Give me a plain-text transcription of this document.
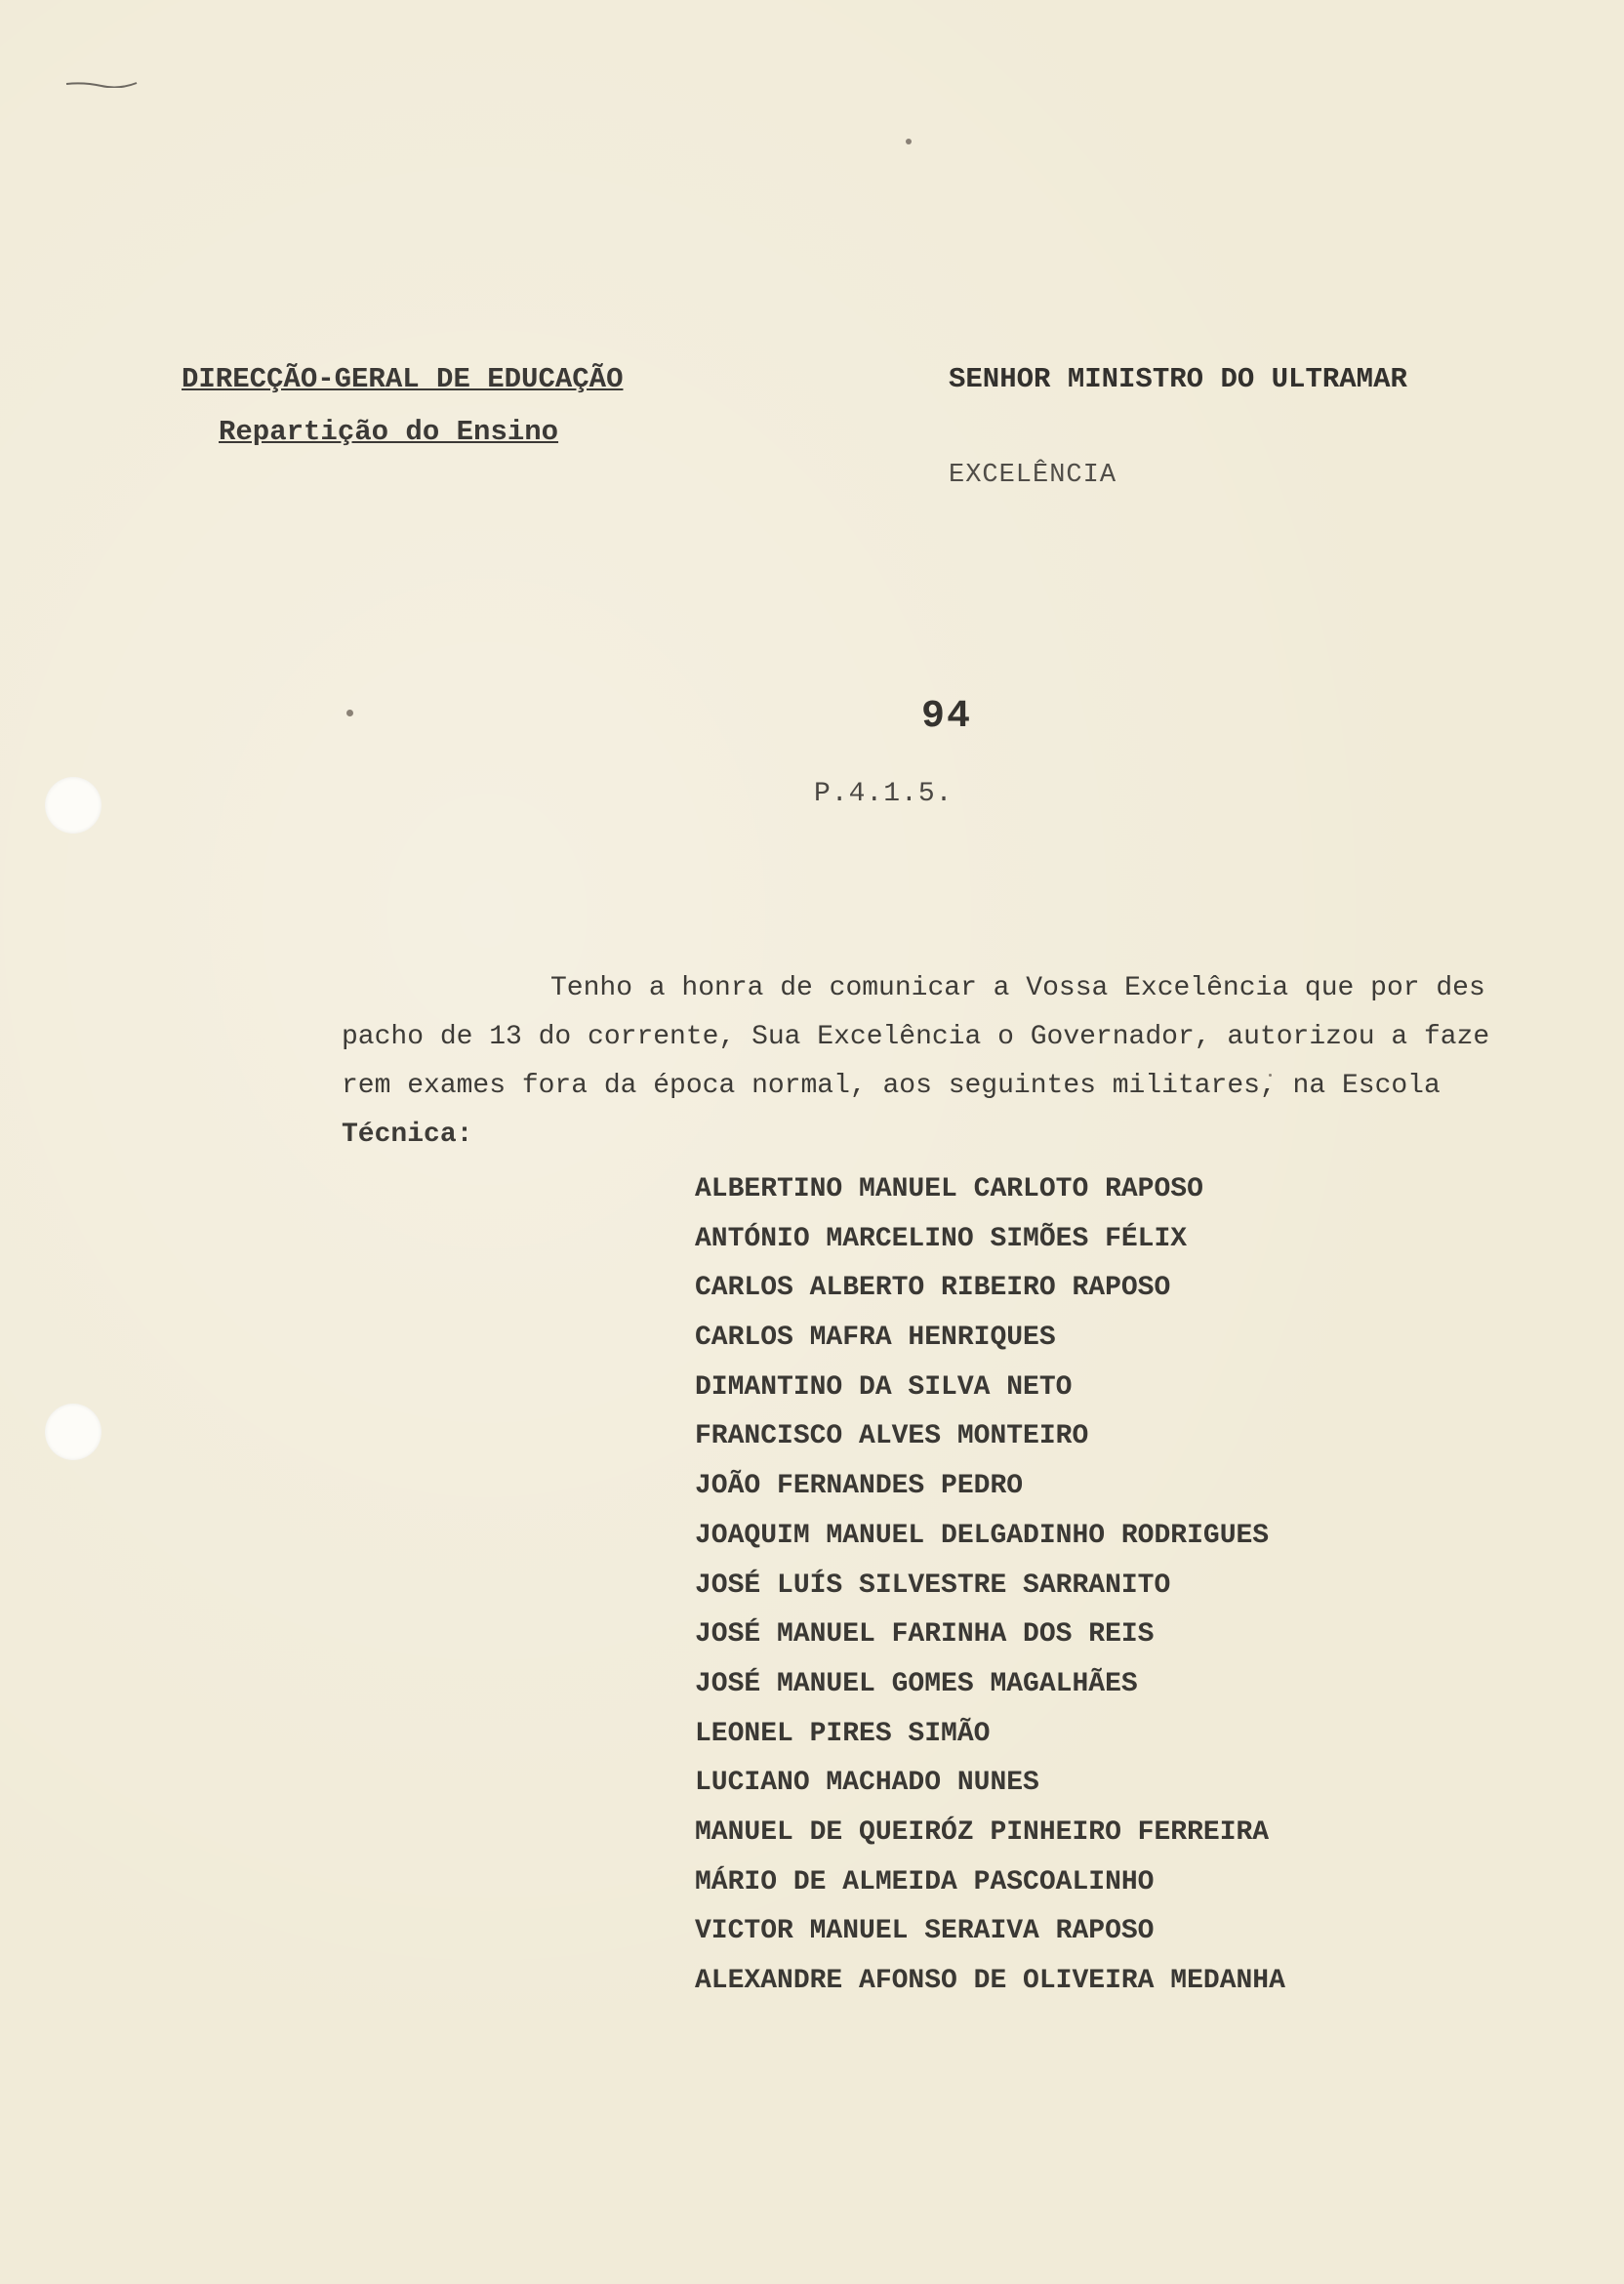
DIRECÇÃO-GERAL DE EDUCAÇÃO
Repartição do Ensino
SENHOR MINISTRO DO ULTRAMAR
EXCELÊNCIA
94
P.4.1.5.
Tenho a honra de comunicar a Vossa Excelência que por des
pacho de 13 do corrente, Sua Excelência o Governador, autorizou a faze
rem exames fora da época normal, aos seguintes militares, na Escola
Técnica:
ALBERTINO MANUEL CARLOTO RAPOSO
ANTÓNIO MARCELINO SIMÕES FÉLIX
CARLOS ALBERTO RIBEIRO RAPOSO
CARLOS MAFRA HENRIQUES
DIMANTINO DA SILVA NETO
FRANCISCO ALVES MONTEIRO
JOÃO FERNANDES PEDRO
JOAQUIM MANUEL DELGADINHO RODRIGUES
JOSÉ LUÍS SILVESTRE SARRANITO
JOSÉ MANUEL FARINHA DOS REIS
JOSÉ MANUEL GOMES MAGALHÃES
LEONEL PIRES SIMÃO
LUCIANO MACHADO NUNES
MANUEL DE QUEIRÓZ PINHEIRO FERREIRA
MÁRIO DE ALMEIDA PASCOALINHO
VICTOR MANUEL SERAIVA RAPOSO
ALEXANDRE AFONSO DE OLIVEIRA MEDANHA
